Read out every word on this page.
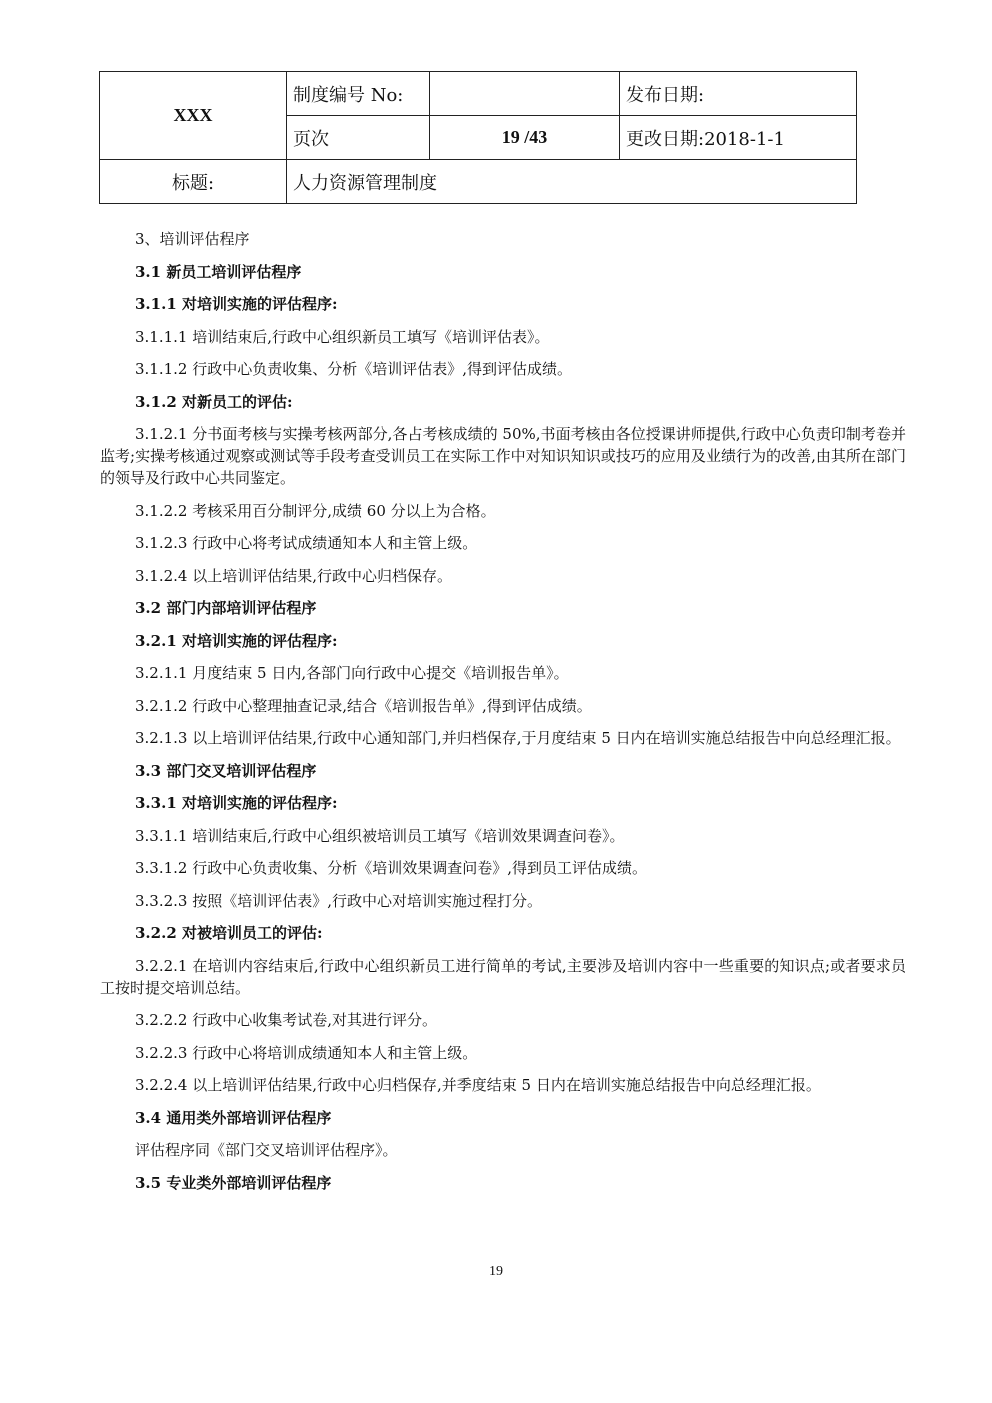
XXX	制度编号 No:		发布日期:
	页次	19 /43	更改日期:2018-1-1
标题:	人力资源管理制度		

3、培训评估程序

3.1 新员工培训评估程序

3.1.1 对培训实施的评估程序:

3.1.1.1 培训结束后,行政中心组织新员工填写《培训评估表》。

3.1.1.2 行政中心负责收集、分析《培训评估表》,得到评估成绩。

3.1.2 对新员工的评估:

3.1.2.1 分书面考核与实操考核两部分,各占考核成绩的 50%,书面考核由各位授课讲师提供,行政中心负责印制考卷并监考;实操考核通过观察或测试等手段考查受训员工在实际工作中对知识知识或技巧的应用及业绩行为的改善,由其所在部门的领导及行政中心共同鉴定。

3.1.2.2 考核采用百分制评分,成绩 60 分以上为合格。

3.1.2.3 行政中心将考试成绩通知本人和主管上级。

3.1.2.4 以上培训评估结果,行政中心归档保存。

3.2 部门内部培训评估程序

3.2.1 对培训实施的评估程序:

3.2.1.1 月度结束 5 日内,各部门向行政中心提交《培训报告单》。

3.2.1.2 行政中心整理抽查记录,结合《培训报告单》,得到评估成绩。

3.2.1.3 以上培训评估结果,行政中心通知部门,并归档保存,于月度结束 5 日内在培训实施总结报告中向总经理汇报。

3.3 部门交叉培训评估程序

3.3.1 对培训实施的评估程序:

3.3.1.1 培训结束后,行政中心组织被培训员工填写《培训效果调查问卷》。

3.3.1.2 行政中心负责收集、分析《培训效果调查问卷》,得到员工评估成绩。

3.3.2.3 按照《培训评估表》,行政中心对培训实施过程打分。

3.2.2 对被培训员工的评估:

3.2.2.1 在培训内容结束后,行政中心组织新员工进行简单的考试,主要涉及培训内容中一些重要的知识点;或者要求员工按时提交培训总结。

3.2.2.2 行政中心收集考试卷,对其进行评分。

3.2.2.3 行政中心将培训成绩通知本人和主管上级。

3.2.2.4 以上培训评估结果,行政中心归档保存,并季度结束 5 日内在培训实施总结报告中向总经理汇报。

3.4 通用类外部培训评估程序

评估程序同《部门交叉培训评估程序》。

3.5 专业类外部培训评估程序

19
